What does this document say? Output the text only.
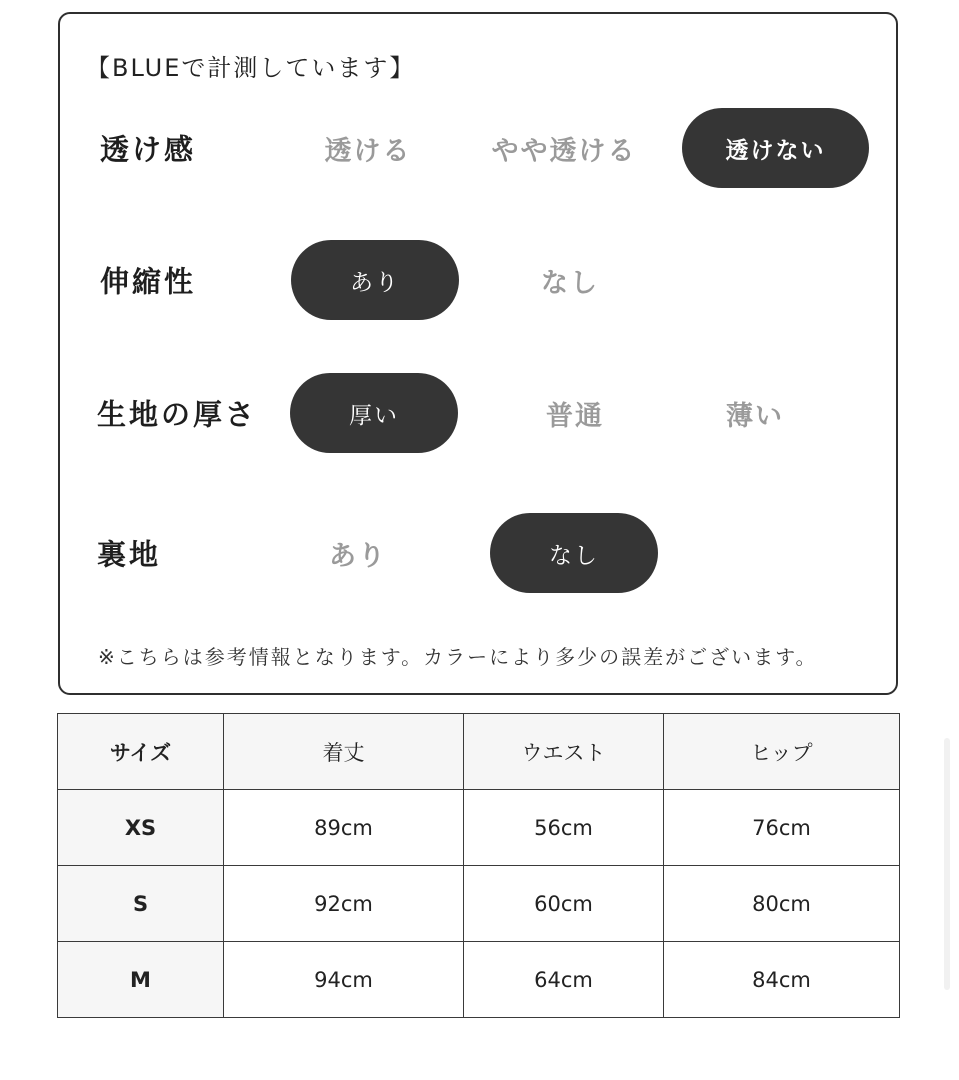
【BLUEで計測しています】
透け感	透ける	やや透ける	透けない
伸縮性	あり	なし
生地の厚さ	厚い	普通	薄い
裏地	あり	なし
※こちらは参考情報となります。カラーにより多少の誤差がございます。
サイズ	着丈	ウエスト	ヒップ
XS	89cm	56cm	76cm
S	92cm	60cm	80cm
M	94cm	64cm	84cm
